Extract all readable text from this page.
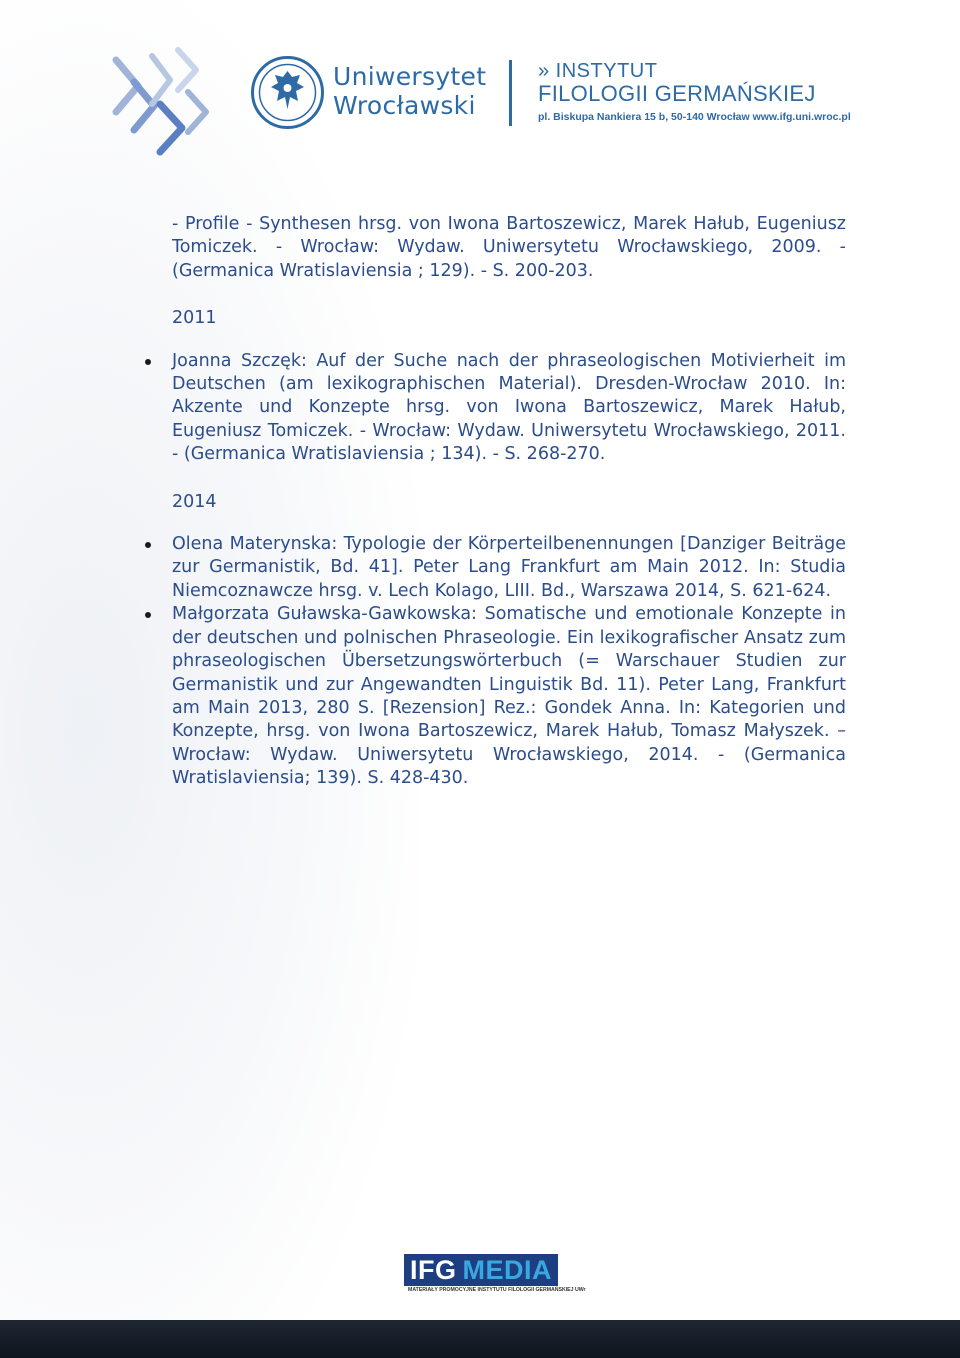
Uniwersytet
Wrocławski
» INSTYTUT
FILOLOGII GERMAŃSKIEJ
pl. Biskupa Nankiera 15 b, 50-140 Wrocław www.ifg.uni.wroc.pl

- Profile - Synthesen hrsg. von Iwona Bartoszewicz, Marek Hałub, Eugeniusz Tomiczek. - Wrocław: Wydaw. Uniwersytetu Wrocławskiego, 2009. - (Germanica Wratislaviensia ; 129). - S. 200-203.

2011
Joanna Szczęk: Auf der Suche nach der phraseologischen Motivierheit im Deutschen (am lexikographischen Material). Dresden-Wrocław 2010. In: Akzente und Konzepte hrsg. von Iwona Bartoszewicz, Marek Hałub, Eugeniusz Tomiczek. - Wrocław: Wydaw. Uniwersytetu Wrocławskiego, 2011. - (Germanica Wratislaviensia ; 134). - S. 268-270.
2014
Olena Materynska: Typologie der Körperteilbenennungen [Danziger Beiträge zur Germanistik, Bd. 41]. Peter Lang Frankfurt am Main 2012. In: Studia Niemcoznawcze hrsg. v. Lech Kolago, LIII. Bd., Warszawa 2014, S. 621-624.
Małgorzata Guławska-Gawkowska: Somatische und emotionale Konzepte in der deutschen und polnischen Phraseologie. Ein lexikografischer Ansatz zum phraseologischen Übersetzungswörterbuch (= Warschauer Studien zur Germanistik und zur Angewandten Linguistik Bd. 11). Peter Lang, Frankfurt am Main 2013, 280 S. [Rezension] Rez.: Gondek Anna. In: Kategorien und Konzepte, hrsg. von Iwona Bartoszewicz, Marek Hałub, Tomasz Małyszek. – Wrocław: Wydaw. Uniwersytetu Wrocławskiego, 2014. - (Germanica Wratislaviensia; 139). S. 428-430.
IFG MEDIA
MATERIAŁY PROMOCYJNE INSTYTUTU FILOLOGII GERMAŃSKIEJ UWr
